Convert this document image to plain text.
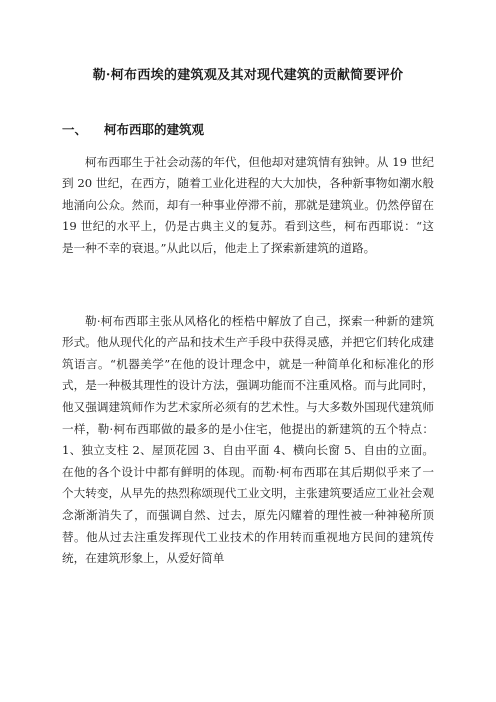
勒·柯布西埃的建筑观及其对现代建筑的贡献简要评价
一、 柯布西耶的建筑观

柯布西耶生于社会动荡的年代，但他却对建筑情有独钟。从 19 世纪到 20 世纪，在西方，随着工业化进程的大大加快，各种新事物如潮水般地涌向公众。然而，却有一种事业停滞不前，那就是建筑业。仍然停留在 19 世纪的水平上，仍是古典主义的复苏。看到这些，柯布西耶说：“这是一种不幸的衰退。”从此以后，他走上了探索新建筑的道路。

勒·柯布西耶主张从风格化的桎梏中解放了自己，探索一种新的建筑形式。他从现代化的产品和技术生产手段中获得灵感，并把它们转化成建筑语言。“机器美学”在他的设计理念中，就是一种简单化和标准化的形式，是一种极其理性的设计方法，强调功能而不注重风格。而与此同时，他又强调建筑师作为艺术家所必须有的艺术性。与大多数外国现代建筑师一样，勒·柯布西耶做的最多的是小住宅，他提出的新建筑的五个特点：1、独立支柱 2、屋顶花园 3、自由平面 4、横向长窗 5、自由的立面。在他的各个设计中都有鲜明的体现。而勒·柯布西耶在其后期似乎来了一个大转变，从早先的热烈称颂现代工业文明，主张建筑要适应工业社会观念渐渐消失了，而强调自然、过去，原先闪耀着的理性被一种神秘所顶替。他从过去注重发挥现代工业技术的作用转而重视地方民间的建筑传统，在建筑形象上，从爱好简单
